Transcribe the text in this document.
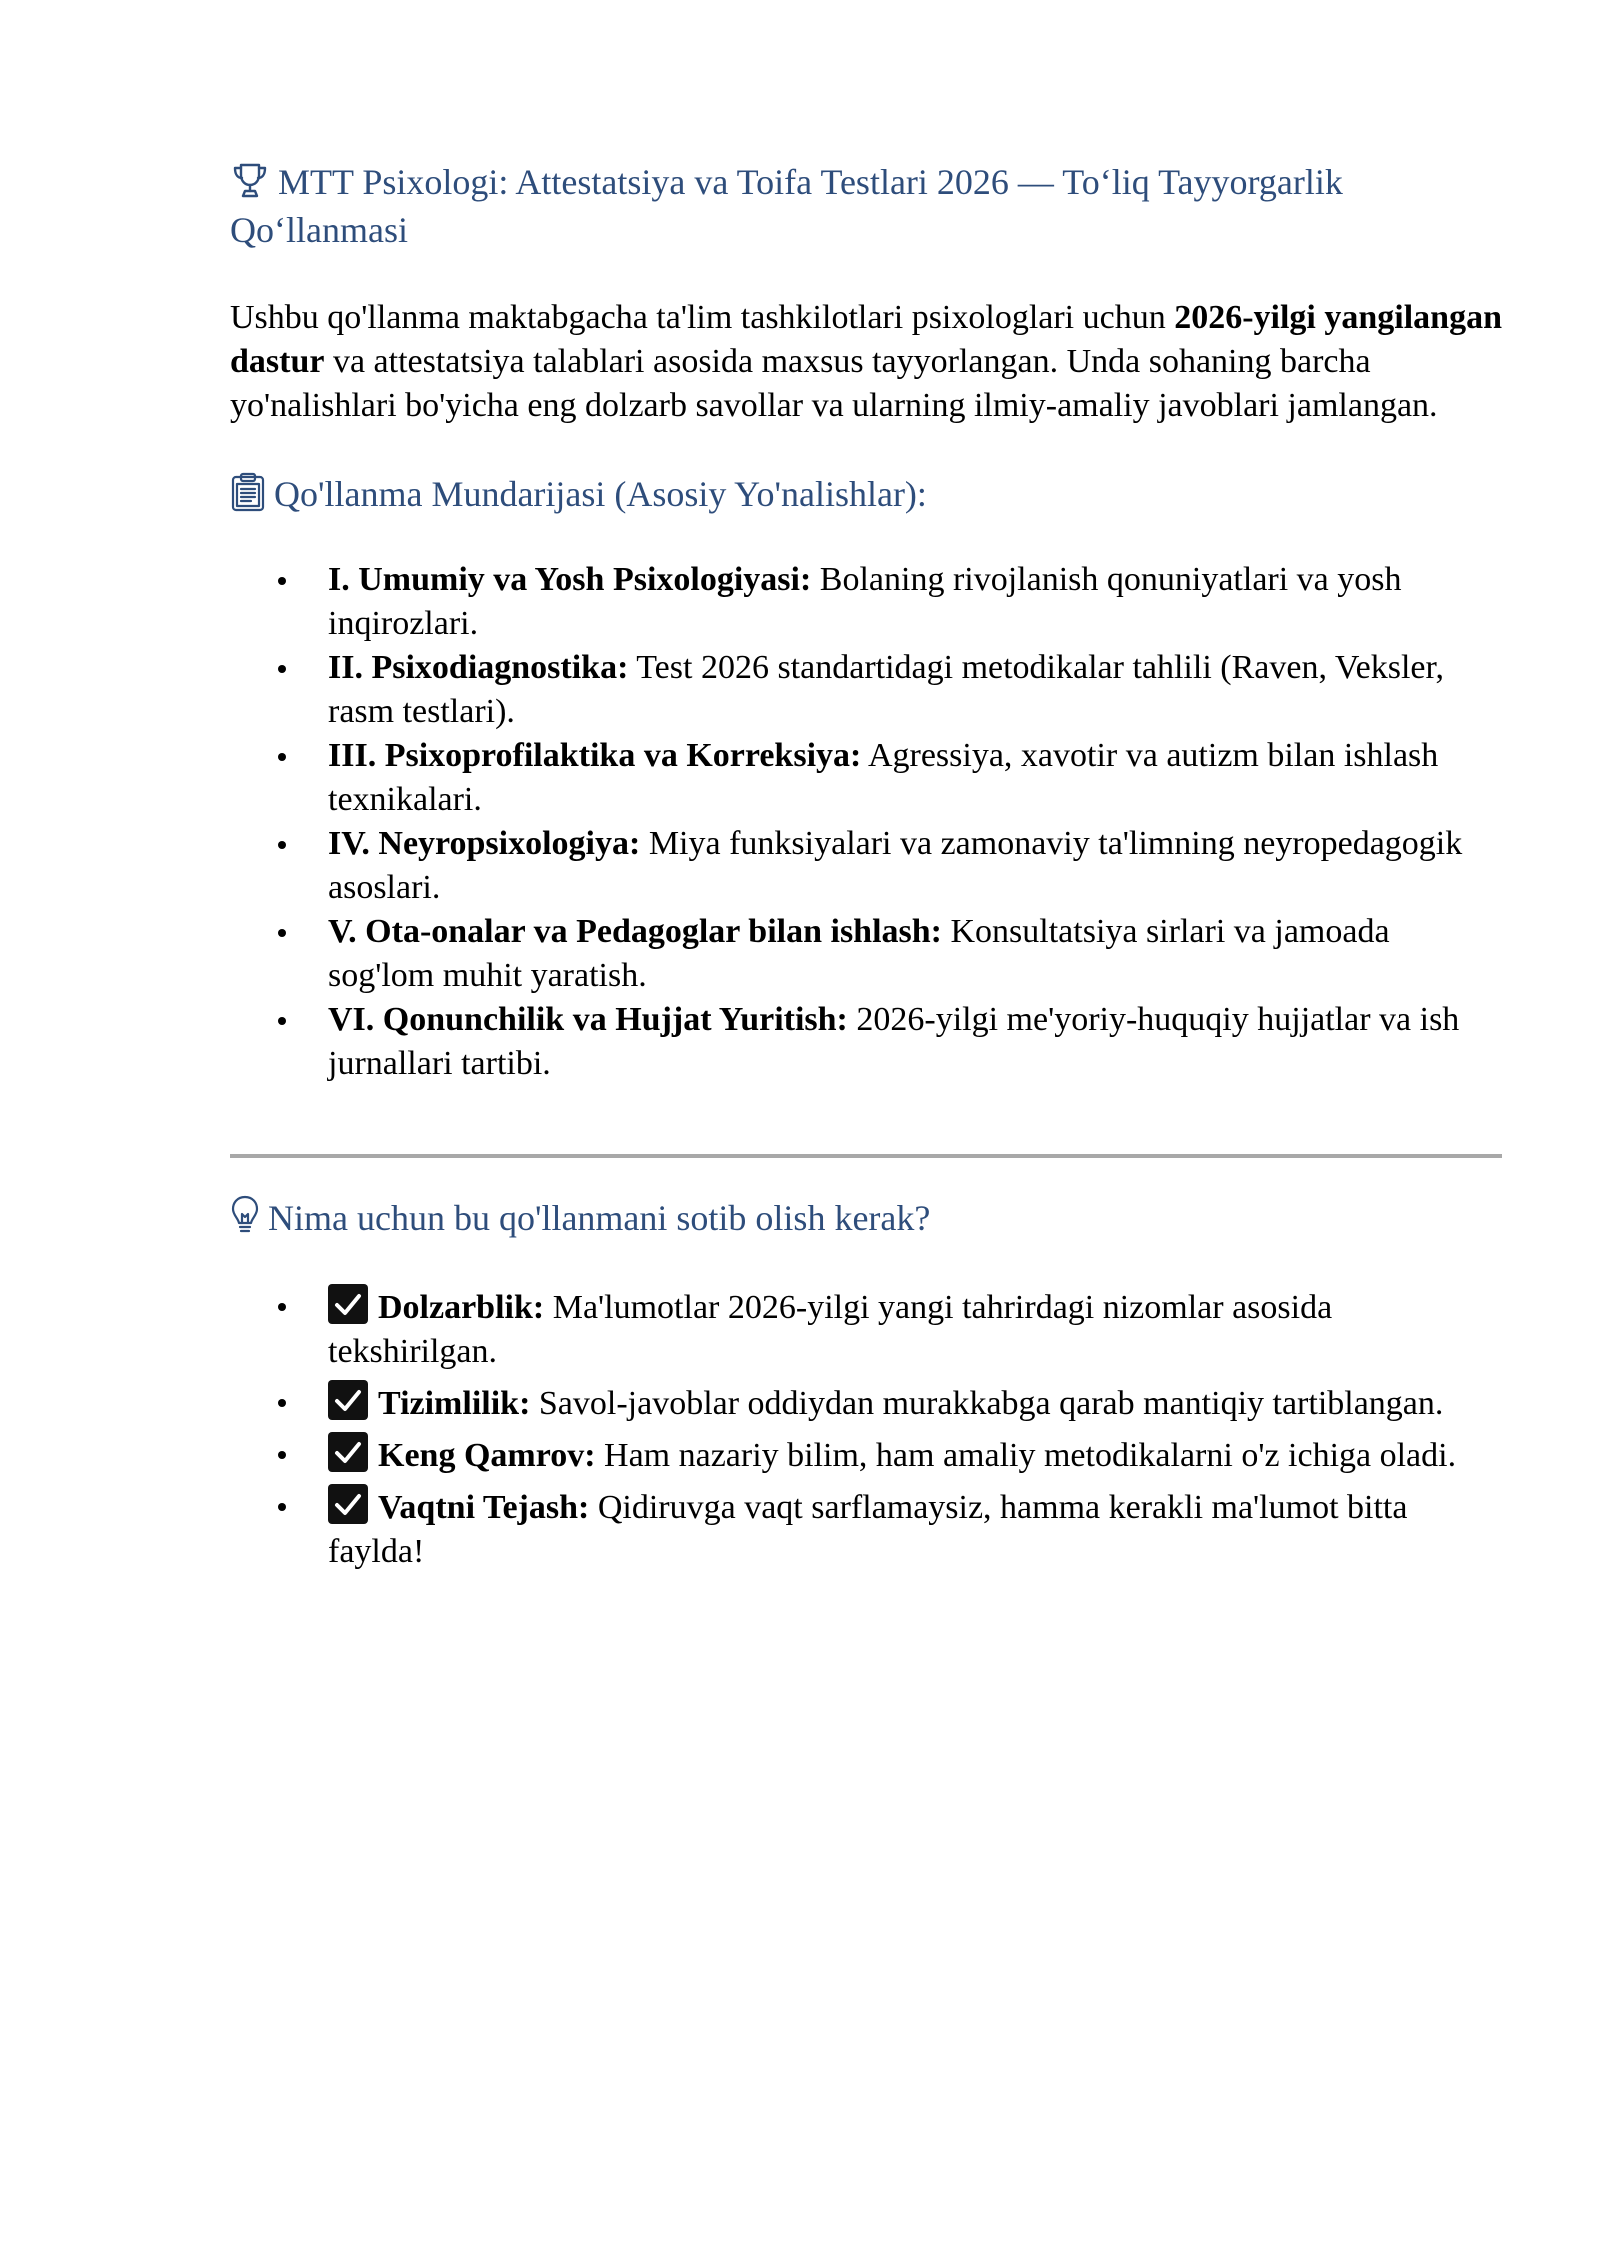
MTT Psixologi: Attestatsiya va Toifa Testlari 2026 — To‘liq Tayyorgarlik
Qo‘llanmasi

Ushbu qo'llanma maktabgacha ta'lim tashkilotlari psixologlari uchun 2026-yilgi yangilangan dastur va attestatsiya talablari asosida maxsus tayyorlangan. Unda sohaning barcha yo'nalishlari bo'yicha eng dolzarb savollar va ularning ilmiy-amaliy javoblari jamlangan.

Qo'llanma Mundarijasi (Asosiy Yo'nalishlar):
I. Umumiy va Yosh Psixologiyasi: Bolaning rivojlanish qonuniyatlari va yosh inqirozlari.
II. Psixodiagnostika: Test 2026 standartidagi metodikalar tahlili (Raven, Veksler, rasm testlari).
III. Psixoprofilaktika va Korreksiya: Agressiya, xavotir va autizm bilan ishlash texnikalari.
IV. Neyropsixologiya: Miya funksiyalari va zamonaviy ta'limning neyropedagogik asoslari.
V. Ota-onalar va Pedagoglar bilan ishlash: Konsultatsiya sirlari va jamoada sog'lom muhit yaratish.
VI. Qonunchilik va Hujjat Yuritish: 2026-yilgi me'yoriy-huquqiy hujjatlar va ish jurnallari tartibi.
Nima uchun bu qo'llanmani sotib olish kerak?
Dolzarblik: Ma'lumotlar 2026-yilgi yangi tahrirdagi nizomlar asosida tekshirilgan.
Tizimlilik: Savol-javoblar oddiydan murakkabga qarab mantiqiy tartiblangan.
Keng Qamrov: Ham nazariy bilim, ham amaliy metodikalarni o'z ichiga oladi.
Vaqtni Tejash: Qidiruvga vaqt sarflamaysiz, hamma kerakli ma'lumot bitta faylda!
